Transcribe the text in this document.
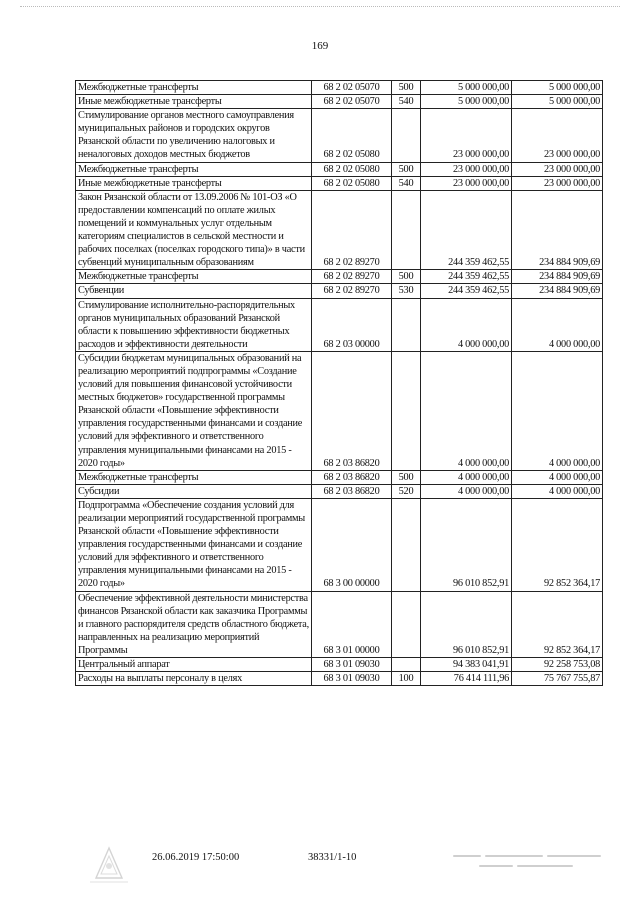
169
Межбюджетные трансферты	68 2 02 05070	500	5 000 000,00	5 000 000,00
Иные межбюджетные трансферты	68 2 02 05070	540	5 000 000,00	5 000 000,00
Стимулирование органов местного самоуправления муниципальных районов и городских округов Рязанской области по увеличению налоговых и неналоговых доходов местных бюджетов	68 2 02 05080		23 000 000,00	23 000 000,00
Межбюджетные трансферты	68 2 02 05080	500	23 000 000,00	23 000 000,00
Иные межбюджетные трансферты	68 2 02 05080	540	23 000 000,00	23 000 000,00
Закон Рязанской области от 13.09.2006 № 101-ОЗ «О предоставлении компенсаций по оплате жилых помещений и коммунальных услуг отдельным категориям специалистов в сельской местности и рабочих поселках (поселках городского типа)» в части субвенций муниципальным образованиям	68 2 02 89270		244 359 462,55	234 884 909,69
Межбюджетные трансферты	68 2 02 89270	500	244 359 462,55	234 884 909,69
Субвенции	68 2 02 89270	530	244 359 462,55	234 884 909,69
Стимулирование исполнительно-распорядительных органов муниципальных образований Рязанской области к повышению эффективности бюджетных расходов и эффективности деятельности	68 2 03 00000		4 000 000,00	4 000 000,00
Субсидии бюджетам муниципальных образований на реализацию мероприятий подпрограммы «Создание условий для повышения финансовой устойчивости местных бюджетов» государственной программы Рязанской области «Повышение эффективности управления государственными финансами и создание условий для эффективного и ответственного управления муниципальными финансами на 2015 - 2020 годы»	68 2 03 86820		4 000 000,00	4 000 000,00
Межбюджетные трансферты	68 2 03 86820	500	4 000 000,00	4 000 000,00
Субсидии	68 2 03 86820	520	4 000 000,00	4 000 000,00
Подпрограмма «Обеспечение создания условий для реализации мероприятий государственной программы Рязанской области «Повышение эффективности управления государственными финансами и создание условий для эффективного и ответственного управления муниципальными финансами на 2015 - 2020 годы»	68 3 00 00000		96 010 852,91	92 852 364,17
Обеспечение эффективной деятельности министерства финансов Рязанской области как заказчика Программы и главного распорядителя средств областного бюджета, направленных на реализацию мероприятий Программы	68 3 01 00000		96 010 852,91	92 852 364,17
Центральный аппарат	68 3 01 09030		94 383 041,91	92 258 753,08
Расходы на выплаты персоналу в целях	68 3 01 09030	100	76 414 111,96	75 767 755,87
26.06.2019 17:50:00	38331/1-10
